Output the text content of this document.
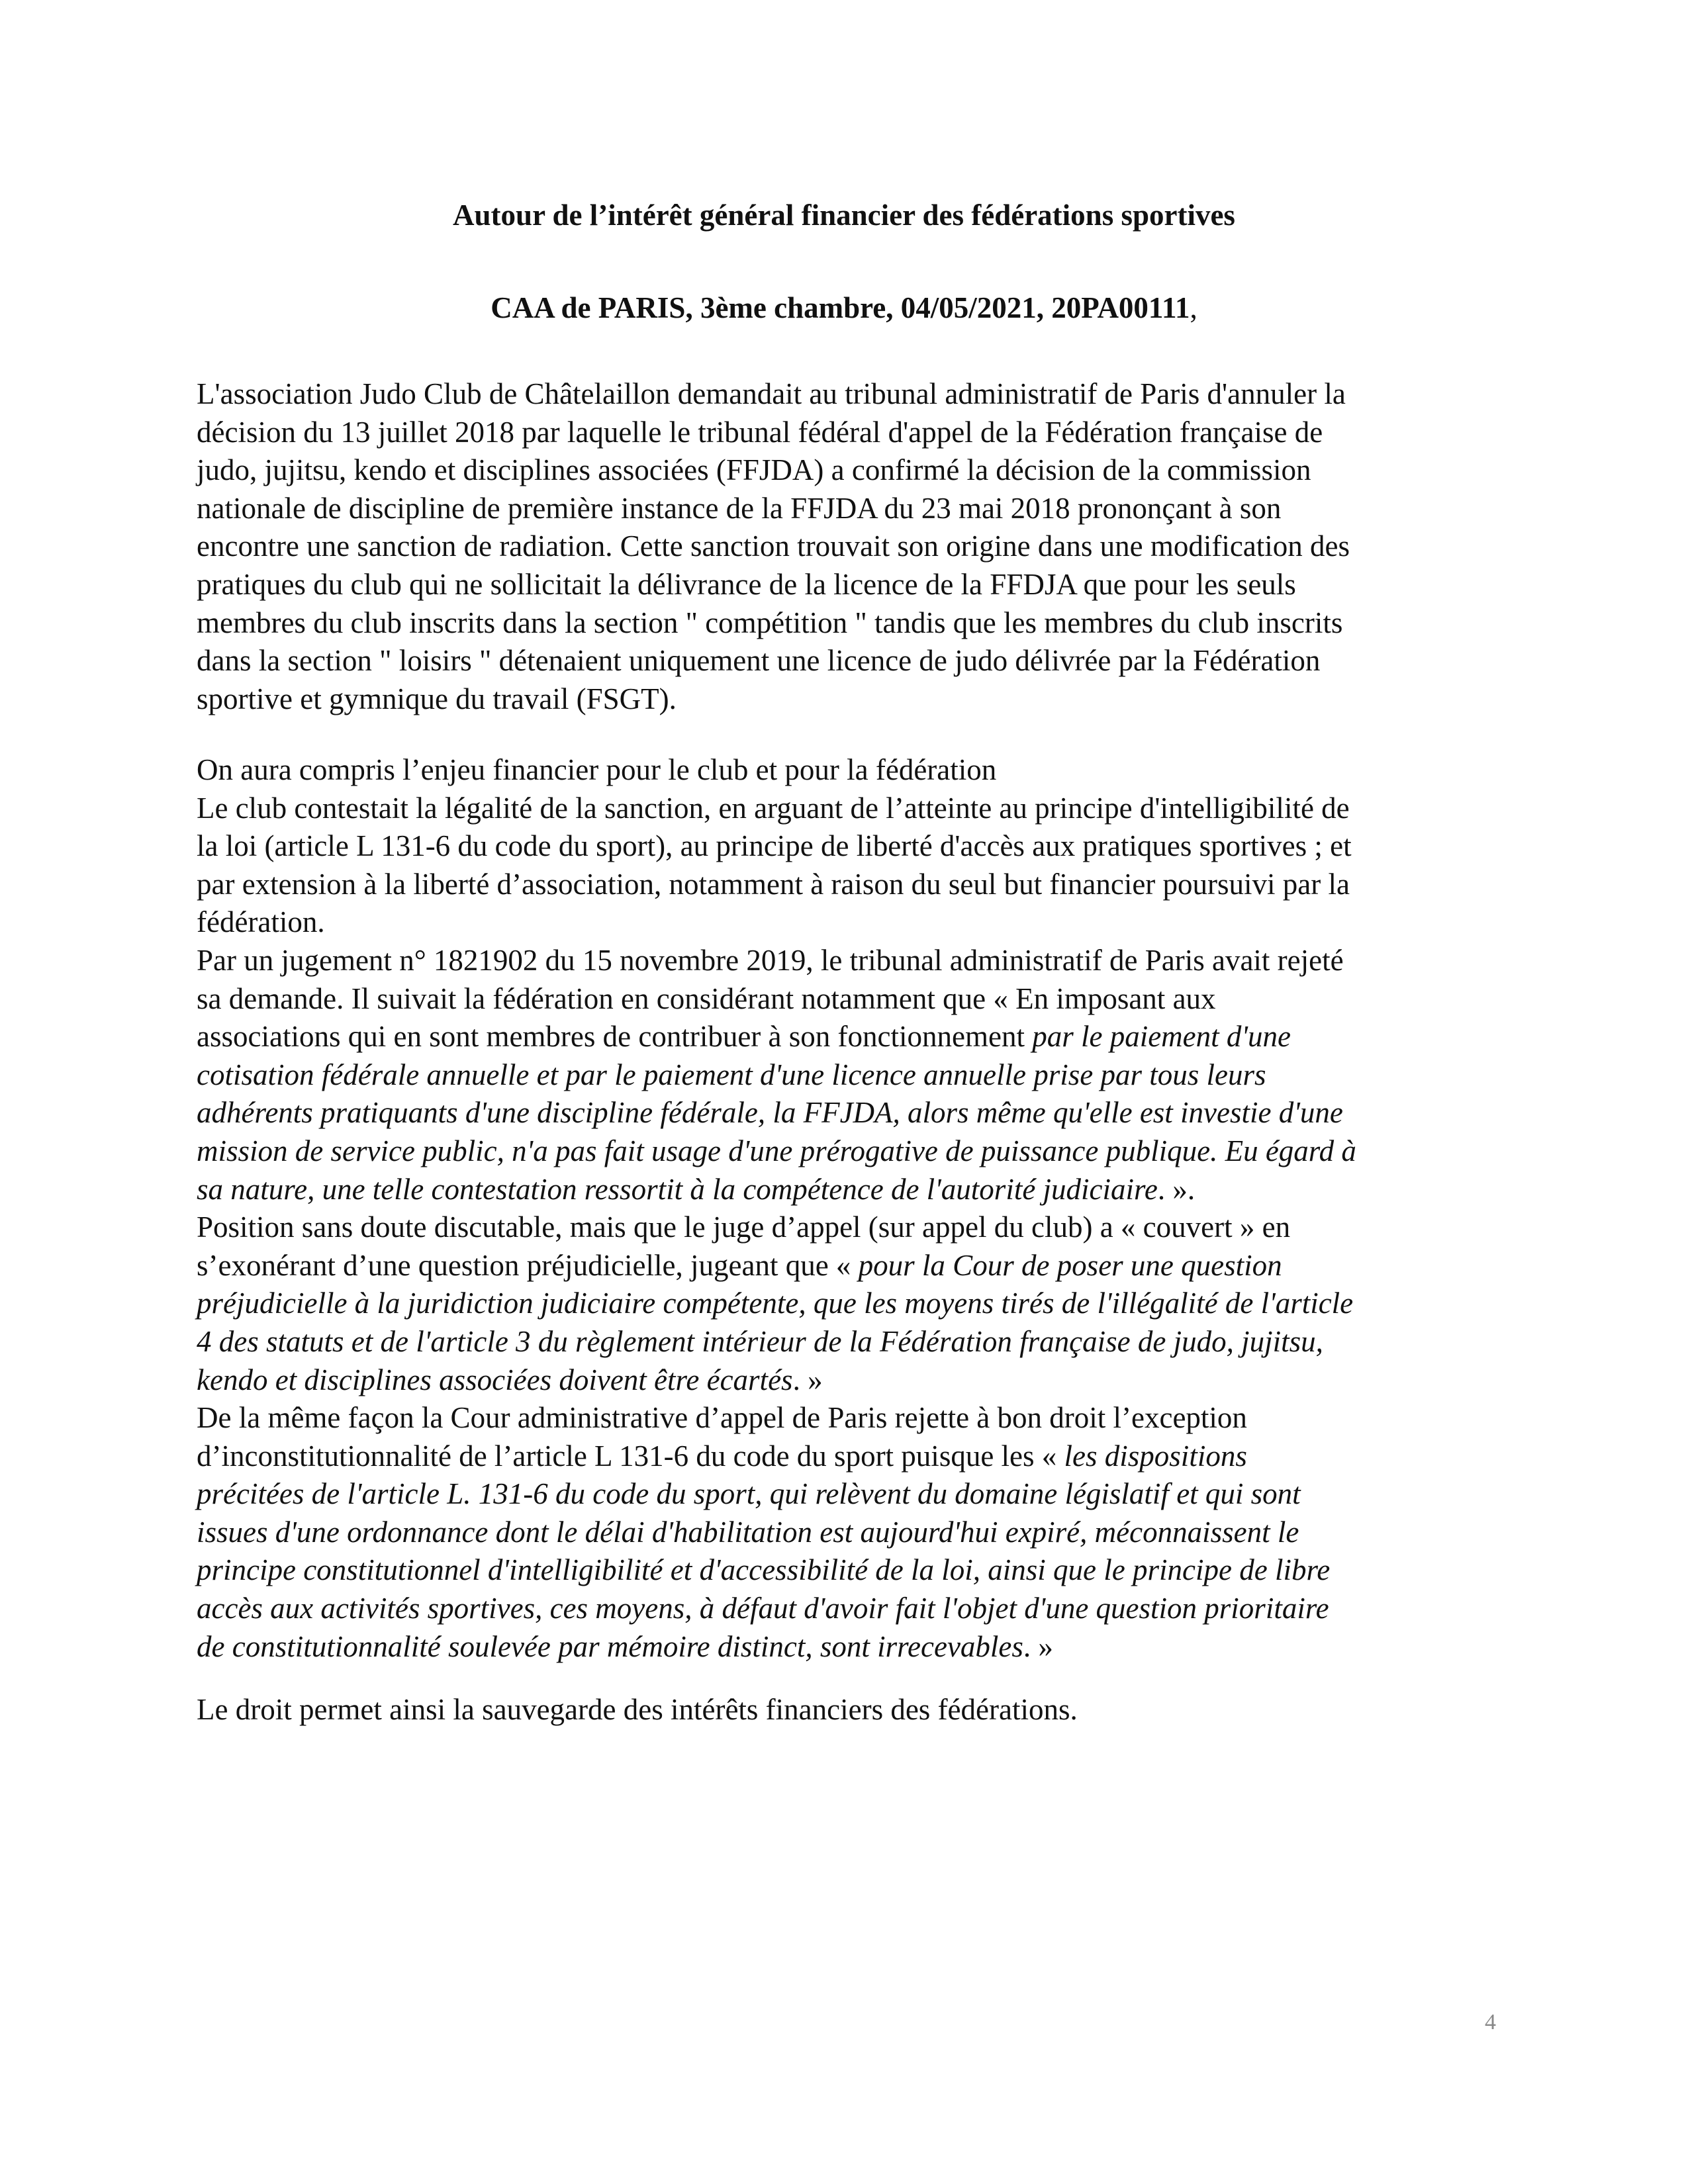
Autour de l’intérêt général financier des fédérations sportives
CAA de PARIS, 3ème chambre, 04/05/2021, 20PA00111,
L'association Judo Club de Châtelaillon demandait au tribunal administratif de Paris d'annuler la
décision du 13 juillet 2018 par laquelle le tribunal fédéral d'appel de la Fédération française de
judo, jujitsu, kendo et disciplines associées (FFJDA) a confirmé la décision de la commission
nationale de discipline de première instance de la FFJDA du 23 mai 2018 prononçant à son
encontre une sanction de radiation. Cette sanction trouvait son origine dans une modification des
pratiques du club qui ne sollicitait la délivrance de la licence de la FFDJA que pour les seuls
membres du club inscrits dans la section " compétition " tandis que les membres du club inscrits
dans la section " loisirs " détenaient uniquement une licence de judo délivrée par la Fédération
sportive et gymnique du travail (FSGT).
On aura compris l’enjeu financier pour le club et pour la fédération
Le club contestait la légalité de la sanction, en arguant de l’atteinte au principe d'intelligibilité de
la loi (article L 131-6 du code du sport), au principe de liberté d'accès aux pratiques sportives ; et
par extension à la liberté d’association, notamment à raison du seul but financier poursuivi par la
fédération.
Par un jugement n° 1821902 du 15 novembre 2019, le tribunal administratif de Paris avait rejeté
sa demande. Il suivait la fédération en considérant notamment que « En imposant aux
associations qui en sont membres de contribuer à son fonctionnement par le paiement d'une
cotisation fédérale annuelle et par le paiement d'une licence annuelle prise par tous leurs
adhérents pratiquants d'une discipline fédérale, la FFJDA, alors même qu'elle est investie d'une
mission de service public, n'a pas fait usage d'une prérogative de puissance publique. Eu égard à
sa nature, une telle contestation ressortit à la compétence de l'autorité judiciaire. ».
Position sans doute discutable, mais que le juge d’appel (sur appel du club) a « couvert » en
s’exonérant d’une question préjudicielle, jugeant que « pour la Cour de poser une question
préjudicielle à la juridiction judiciaire compétente, que les moyens tirés de l'illégalité de l'article
4 des statuts et de l'article 3 du règlement intérieur de la Fédération française de judo, jujitsu,
kendo et disciplines associées doivent être écartés. »
De la même façon la Cour administrative d’appel de Paris rejette à bon droit l’exception
d’inconstitutionnalité de l’article L 131-6 du code du sport puisque les « les dispositions
précitées de l'article L. 131-6 du code du sport, qui relèvent du domaine législatif et qui sont
issues d'une ordonnance dont le délai d'habilitation est aujourd'hui expiré, méconnaissent le
principe constitutionnel d'intelligibilité et d'accessibilité de la loi, ainsi que le principe de libre
accès aux activités sportives, ces moyens, à défaut d'avoir fait l'objet d'une question prioritaire
de constitutionnalité soulevée par mémoire distinct, sont irrecevables. »
Le droit permet ainsi la sauvegarde des intérêts financiers des fédérations.
4
